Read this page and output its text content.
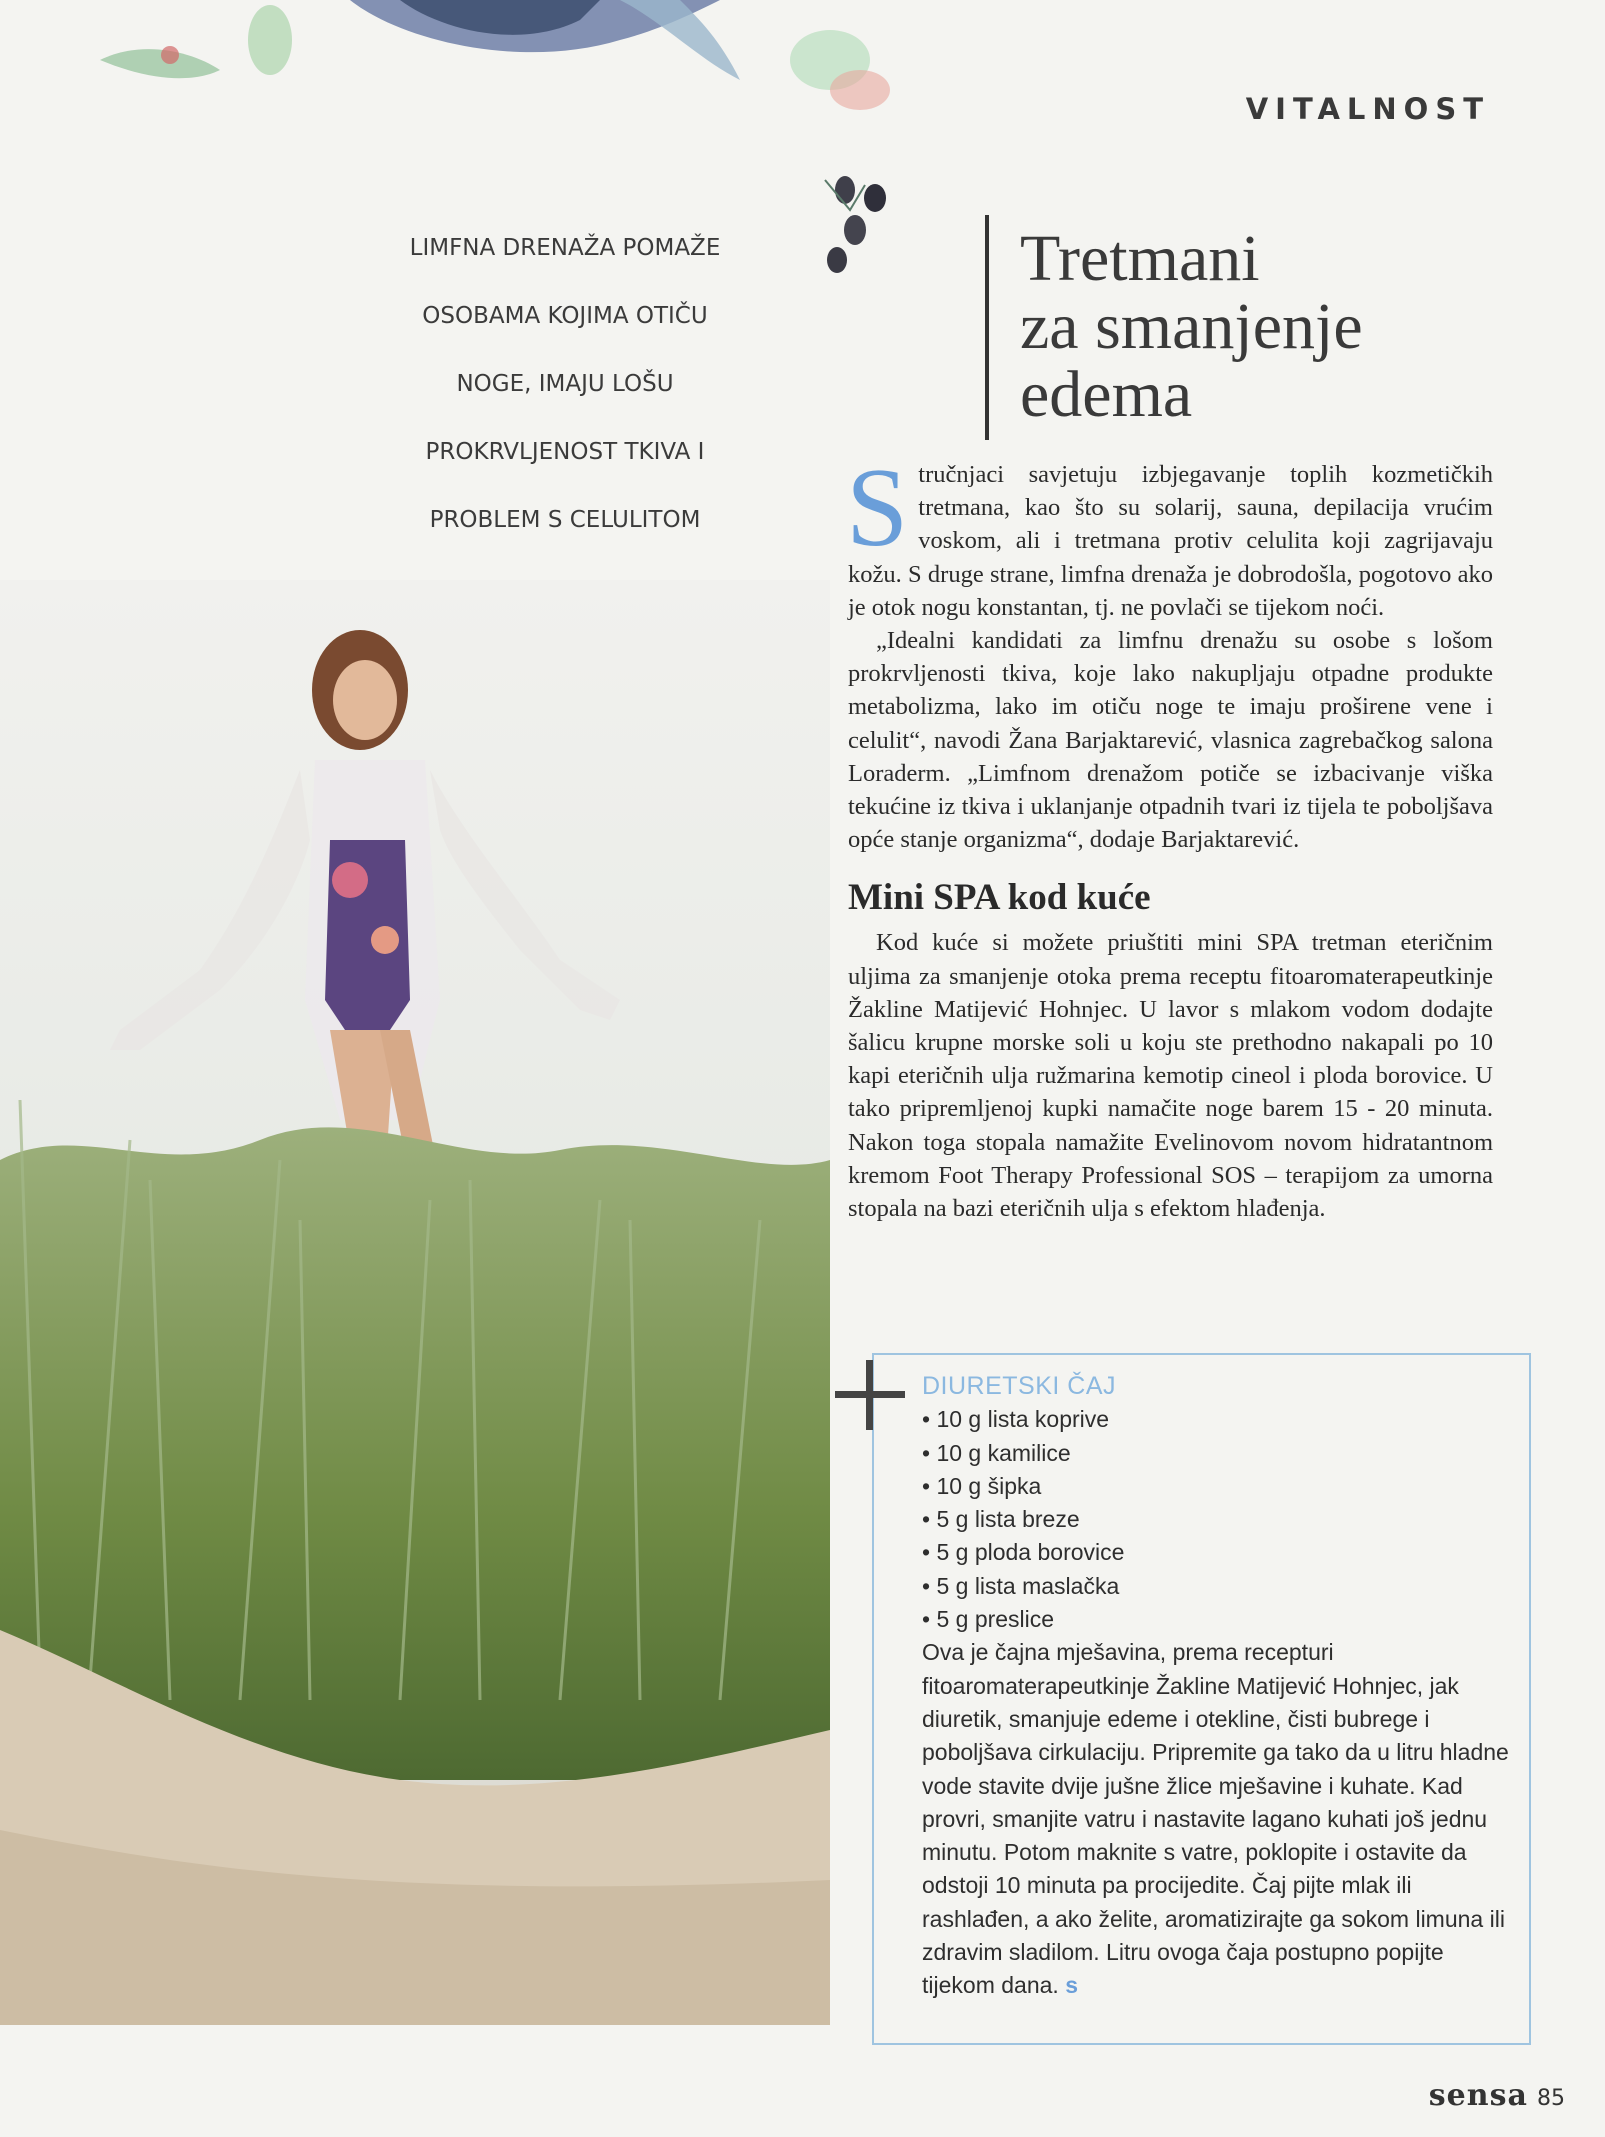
VITALNOST
LIMFNA DRENAŽA POMAŽE
OSOBAMA KOJIMA OTIČU
NOGE, IMAJU LOŠU
PROKRVLJENOST TKIVA I
PROBLEM S CELULITOM
Tretmani
za smanjenje
edema

Stručnjaci savjetuju izbjegavanje toplih kozmetičkih tretmana, kao što su solarij, sauna, depilacija vrućim voskom, ali i tretmana protiv celulita koji zagrijavaju kožu. S druge strane, limfna drenaža je dobrodošla, pogotovo ako je otok nogu konstantan, tj. ne povlači se tijekom noći.

„Idealni kandidati za limfnu drenažu su osobe s lošom prokrvljenosti tkiva, koje lako nakupljaju otpadne produkte metabolizma, lako im otiču noge te imaju proširene vene i celulit“, navodi Žana Barjaktarević, vlasnica zagrebačkog salona Loraderm. „Limfnom drenažom potiče se izbacivanje viška tekućine iz tkiva i uklanjanje otpadnih tvari iz tijela te poboljšava opće stanje organizma“, dodaje Barjaktarević.

Mini SPA kod kuće

Kod kuće si možete priuštiti mini SPA tretman eteričnim uljima za smanjenje otoka prema receptu fitoaromaterapeutkinje Žakline Matijević Hohnjec. U lavor s mlakom vodom dodajte šalicu krupne morske soli u koju ste prethodno nakapali po 10 kapi eteričnih ulja ružmarina kemotip cineol i ploda borovice. U tako pripremljenoj kupki namačite noge barem 15 - 20 minuta. Nakon toga stopala namažite Evelinovom novom hidratantnom kremom Foot Therapy Professional SOS – terapijom za umorna stopala na bazi eteričnih ulja s efektom hlađenja.

DIURETSKI ČAJ
• 10 g lista koprive
• 10 g kamilice
• 10 g šipka
• 5 g lista breze
• 5 g ploda borovice
• 5 g lista maslačka
• 5 g preslice

Ova je čajna mješavina, prema recepturi fitoaromaterapeutkinje Žakline Matijević Hohnjec, jak diuretik, smanjuje edeme i otekline, čisti bubrege i poboljšava cirkulaciju. Pripremite ga tako da u litru hladne vode stavite dvije jušne žlice mješavine i kuhate. Kad provri, smanjite vatru i nastavite lagano kuhati još jednu minutu. Potom maknite s vatre, poklopite i ostavite da odstoji 10 minuta pa procijedite. Čaj pijte mlak ili rashlađen, a ako želite, aromatizirajte ga sokom limuna ili zdravim sladilom. Litru ovoga čaja postupno popijte tijekom dana. s

sensa 85
